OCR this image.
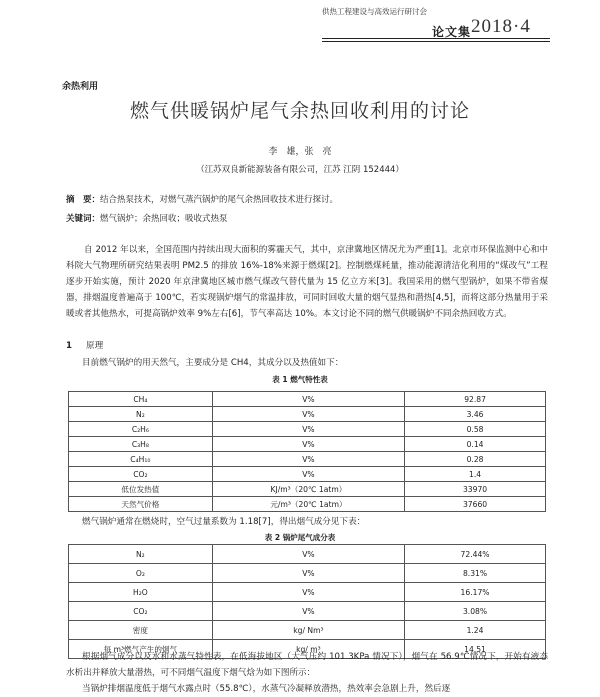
供热工程建设与高效运行研讨会
论文集 2018·4
余热利用
燃气供暖锅炉尾气余热回收利用的讨论
李　雄，张　亮
（江苏双良新能源装备有限公司，江苏 江阴 152444）
摘　要：结合热泵技术，对燃气蒸汽锅炉的尾气余热回收技术进行探讨。
关键词：燃气锅炉；余热回收；吸收式热泵
自 2012 年以来，全国范围内持续出现大面积的雾霾天气，其中，京津冀地区情况尤为严重[1]。北京市环保监测中心和中科院大气物理所研究结果表明 PM2.5 的排放 16%-18%来源于燃煤[2]。控制燃煤耗量，推动能源清洁化利用的“煤改气”工程逐步开始实施，预计 2020 年京津冀地区城市燃气煤改气替代量为 15 亿立方米[3]。我国采用的燃气型锅炉，如果不带省煤器，排烟温度普遍高于 100℃，若实现锅炉烟气的常温排放，可同时回收大量的烟气显热和潜热[4,5]，而将这部分热量用于采暖或者其他热水，可提高锅炉效率 9%左右[6]，节气率高达 10%。本文讨论不同的燃气供暖锅炉不同余热回收方式。
1 原理
目前燃气锅炉的用天然气，主要成分是 CH4，其成分以及热值如下：
表 1 燃气特性表
CH₄	V%	92.87
N₂	V%	3.46
C₂H₆	V%	0.58
C₃H₈	V%	0.14
C₄H₁₀	V%	0.28
CO₂	V%	1.4
低位发热值	KJ/m³（20℃ 1atm）	33970
天然气价格	元/m³（20℃ 1atm）	37660
燃气锅炉通常在燃烧时，空气过量系数为 1.18[7]，得出烟气成分见下表：
表 2 锅炉尾气成分表
N₂	V%	72.44%
O₂	V%	8.31%
H₂O	V%	16.17%
CO₂	V%	3.08%
密度	kg/ Nm³	1.24
每 m³燃气产生的烟气	kg/ m³	14.51
根据烟气成分以及水和水蒸气特性表，在低海拔地区（大气压约 101.3KPa 情况下），烟气在 56.9℃情况下，开始有液态水析出并释放大量潜热，可不同烟气温度下烟气焓为如下图所示：
当锅炉排烟温度低于烟气水露点时（55.8℃），水蒸气冷凝释放潜热，热效率会急剧上升，然后逐
